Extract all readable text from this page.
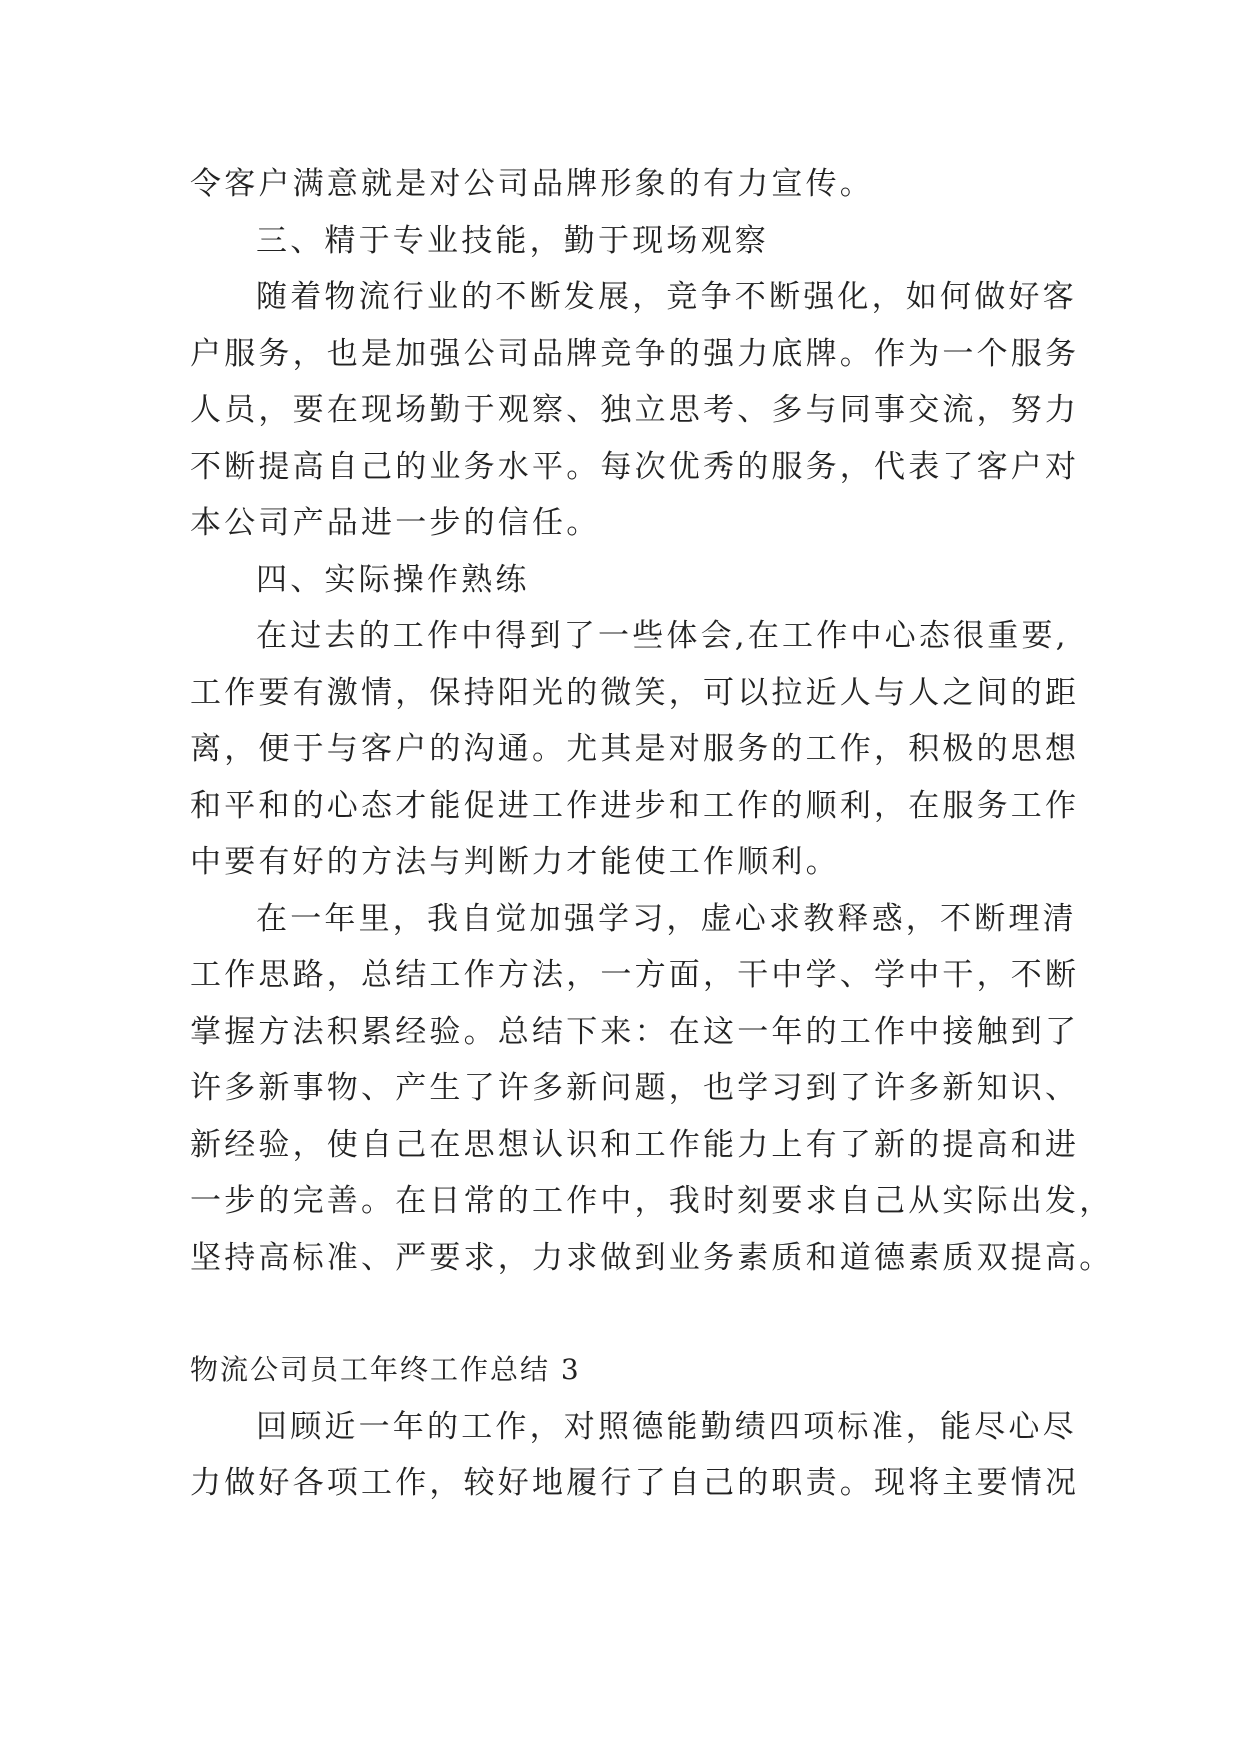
令客户满意就是对公司品牌形象的有力宣传。
三、精于专业技能，勤于现场观察
随着物流行业的不断发展，竞争不断强化，如何做好客
户服务，也是加强公司品牌竞争的强力底牌。作为一个服务
人员，要在现场勤于观察、独立思考、多与同事交流，努力
不断提高自己的业务水平。每次优秀的服务，代表了客户对
本公司产品进一步的信任。
四、实际操作熟练
在过去的工作中得到了一些体会,在工作中心态很重要,
工作要有激情，保持阳光的微笑，可以拉近人与人之间的距
离，便于与客户的沟通。尤其是对服务的工作，积极的思想
和平和的心态才能促进工作进步和工作的顺利，在服务工作
中要有好的方法与判断力才能使工作顺利。
在一年里，我自觉加强学习，虚心求教释惑，不断理清
工作思路，总结工作方法，一方面，干中学、学中干，不断
掌握方法积累经验。总结下来：在这一年的工作中接触到了
许多新事物、产生了许多新问题，也学习到了许多新知识、
新经验，使自己在思想认识和工作能力上有了新的提高和进
一步的完善。在日常的工作中，我时刻要求自己从实际出发，
坚持高标准、严要求，力求做到业务素质和道德素质双提高。
物流公司员工年终工作总结 3
回顾近一年的工作，对照德能勤绩四项标准，能尽心尽
力做好各项工作，较好地履行了自己的职责。现将主要情况
